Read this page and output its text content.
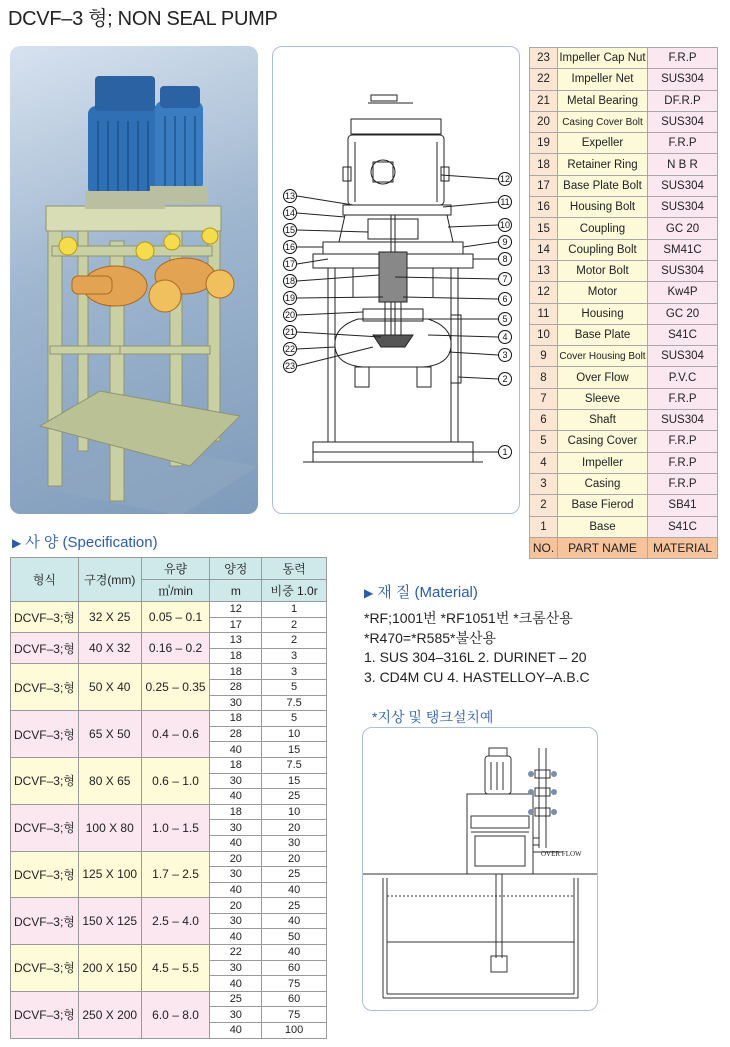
DCVF–3 형; NON SEAL PUMP
13
14
15
16
17
18
19
20
21
22
23
12
11
10
9
8
7
6
5
4
3
2
1
23	Impeller Cap Nut	F.R.P
22	Impeller Net	SUS304
21	Metal Bearing	DF.R.P
20	Casing Cover Bolt	SUS304
19	Expeller	F.R.P
18	Retainer Ring	N B R
17	Base Plate Bolt	SUS304
16	Housing Bolt	SUS304
15	Coupling	GC 20
14	Coupling Bolt	SM41C
13	Motor Bolt	SUS304
12	Motor	Kw4P
11	Housing	GC 20
10	Base Plate	S41C
9	Cover Housing Bolt	SUS304
8	Over Flow	P.V.C
7	Sleeve	F.R.P
6	Shaft	SUS304
5	Casing Cover	F.R.P
4	Impeller	F.R.P
3	Casing	F.R.P
2	Base Fierod	SB41
1	Base	S41C
NO.	PART NAME	MATERIAL
▶ 사 양 (Specification)
형식	구경(mm)	유량	양정	동력
		㎥/min	m	비중 1.0r
DCVF–3;형	32 X 25	0.05 – 0.1	12	1
			17	2
DCVF–3;형	40 X 32	0.16 – 0.2	13	2
			18	3
DCVF–3;형	50 X 40	0.25 – 0.35	18	3
			28	5
			30	7.5
DCVF–3;형	65 X 50	0.4 – 0.6	18	5
			28	10
			40	15
DCVF–3;형	80 X 65	0.6 – 1.0	18	7.5
			30	15
			40	25
DCVF–3;형	100 X 80	1.0 – 1.5	18	10
			30	20
			40	30
DCVF–3;형	125 X 100	1.7 – 2.5	20	20
			30	25
			40	40
DCVF–3;형	150 X 125	2.5 – 4.0	20	25
			30	40
			40	50
DCVF–3;형	200 X 150	4.5 – 5.5	22	40
			30	60
			40	75
DCVF–3;형	250 X 200	6.0 – 8.0	25	60
			30	75
			40	100
▶ 재 질 (Material)
*RF;1001번 *RF1051번 *크롬산용
*R470=*R585*불산용
1. SUS 304–316L 2. DURINET – 20
3. CD4M CU 4. HASTELLOY–A.B.C
*지상 및 탱크설치예
OVER FLOW
